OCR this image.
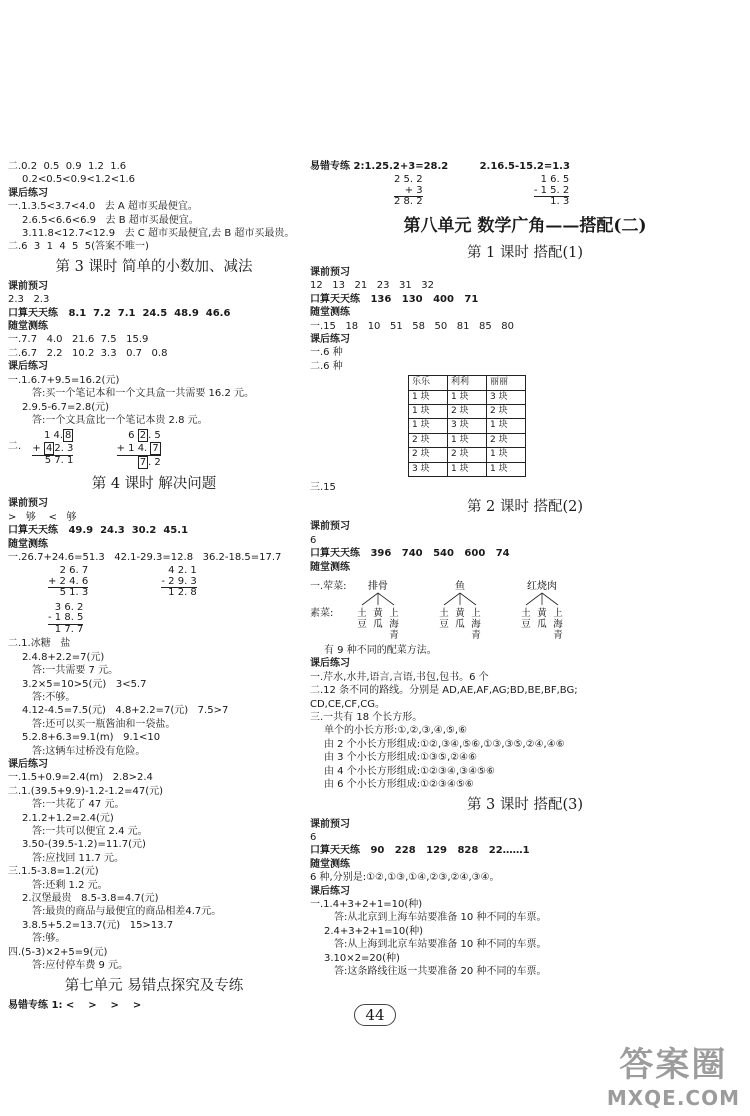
二.0.2  0.5  0.9  1.2  1.6
0.2<0.5<0.9<1.2<1.6
课后练习
一.1.3.5<3.7<4.0   去 A 超市买最便宜。
2.6.5<6.6<6.9   去 B 超市买最便宜。
3.11.8<12.7<12.9   去 C 超市买最便宜,去 B 超市买最贵。
二.6  3  1  4  5  5(答案不唯一)
第 3 课时 简单的小数加、减法
课前预习
2.3   2.3
口算天天练   8.1  7.2  7.1  24.5  48.9  46.6
随堂测练
一.7.7   4.0   21.6  7.5   15.9
二.6.7   2.2   10.2  3.3   0.7   0.8
课后练习
一.1.6.7+9.5=16.2(元)
答:买一个笔记本和一个文具盒一共需要 16.2 元。
2.9.5-6.7=2.8(元)
答:一个文具盒比一个笔记本贵 2.8 元。
二.
1 4. 8
+ 4 2. 3
5 7. 1

6 2 . 5
+ 1 4. 7
7 . 2
第 4 课时 解决问题
课前预习
>   够    <   够
口算天天练   49.9  24.3  30.2  45.1
随堂测练
一.26.7+24.6=51.3   42.1-29.3=12.8   36.2-18.5=17.7
2 6. 7
+ 2 4. 6
5 1. 3

4 2. 1
- 2 9. 3
1 2. 8

3 6. 2
- 1 8. 5
1 7. 7
二.1.冰糖   盐
2.4.8+2.2=7(元)
答:一共需要 7 元。
3.2×5=10>5(元)   3<5.7
答:不够。
4.12-4.5=7.5(元)   4.8+2.2=7(元)   7.5>7
答:还可以买一瓶酱油和一袋盐。
5.2.8+6.3=9.1(m)   9.1<10
答:这辆车过桥没有危险。
课后练习
一.1.5+0.9=2.4(m)   2.8>2.4
二.1.(39.5+9.9)-1.2-1.2=47(元)
答:一共花了 47 元。
2.1.2+1.2=2.4(元)
答:一共可以便宜 2.4 元。
3.50-(39.5-1.2)=11.7(元)
答:应找回 11.7 元。
三.1.5-3.8=1.2(元)
答:还剩 1.2 元。
2.汉堡最贵   8.5-3.8=4.7(元)
答:最贵的商品与最便宜的商品相差4.7元。
3.8.5+5.2=13.7(元)   15>13.7
答:够。
四.(5-3)×2+5=9(元)
答:应付停车费 9 元。
第七单元 易错点探究及专练
易错专练 1: <    >    >    >
易错专练 2:1.25.2+3=28.2         2.16.5-15.2=1.3
2 5. 2
+ 3
2 8. 2

1 6. 5
- 1 5. 2
1. 3
第八单元 数学广角——搭配(二)
第 1 课时 搭配(1)
课前预习
12   13   21   23   31   32
口算天天练   136   130   400   71
随堂测练
一.15   18   10   51   58   50   81   85   80
课后练习
一.6 种
二.6 种
乐乐	利利	丽丽
1 块	1 块	3 块
1 块	2 块	2 块
1 块	3 块	1 块
2 块	1 块	2 块
2 块	2 块	1 块
3 块	1 块	1 块
三.15
第 2 课时 搭配(2)
课前预习
6
口算天天练   396   740   540   600   74
随堂测练
一.荤菜:
素菜:
排骨
土
豆
黄
瓜
上
海
青
鱼
土
豆
黄
瓜
上
海
青
红烧肉
土
豆
黄
瓜
上
海
青
有 9 种不同的配菜方法。
课后练习
一.芹水,水井,语言,言语,书包,包书。6 个
二.12 条不同的路线。分别是 AD,AE,AF,AG;BD,BE,BF,BG;
CD,CE,CF,CG。
三.一共有 18 个长方形。
单个的小长方形:①,②,③,④,⑤,⑥
由 2 个小长方形组成:①②,③④,⑤⑥,①③,③⑤,②④,④⑥
由 3 个小长方形组成:①③⑤,②④⑥
由 4 个小长方形组成:①②③④,③④⑤⑥
由 6 个小长方形组成:①②③④⑤⑥
第 3 课时 搭配(3)
课前预习
6
口算天天练   90   228   129   828   22……1
随堂测练
6 种,分别是:①②,①③,①④,②③,②④,③④。
课后练习
一.1.4+3+2+1=10(种)
答:从北京到上海车站要准备 10 种不同的车票。
2.4+3+2+1=10(种)
答:从上海到北京车站要准备 10 种不同的车票。
3.10×2=20(种)
答:这条路线往返一共要准备 20 种不同的车票。
44
答案圈
MXQE.COM
